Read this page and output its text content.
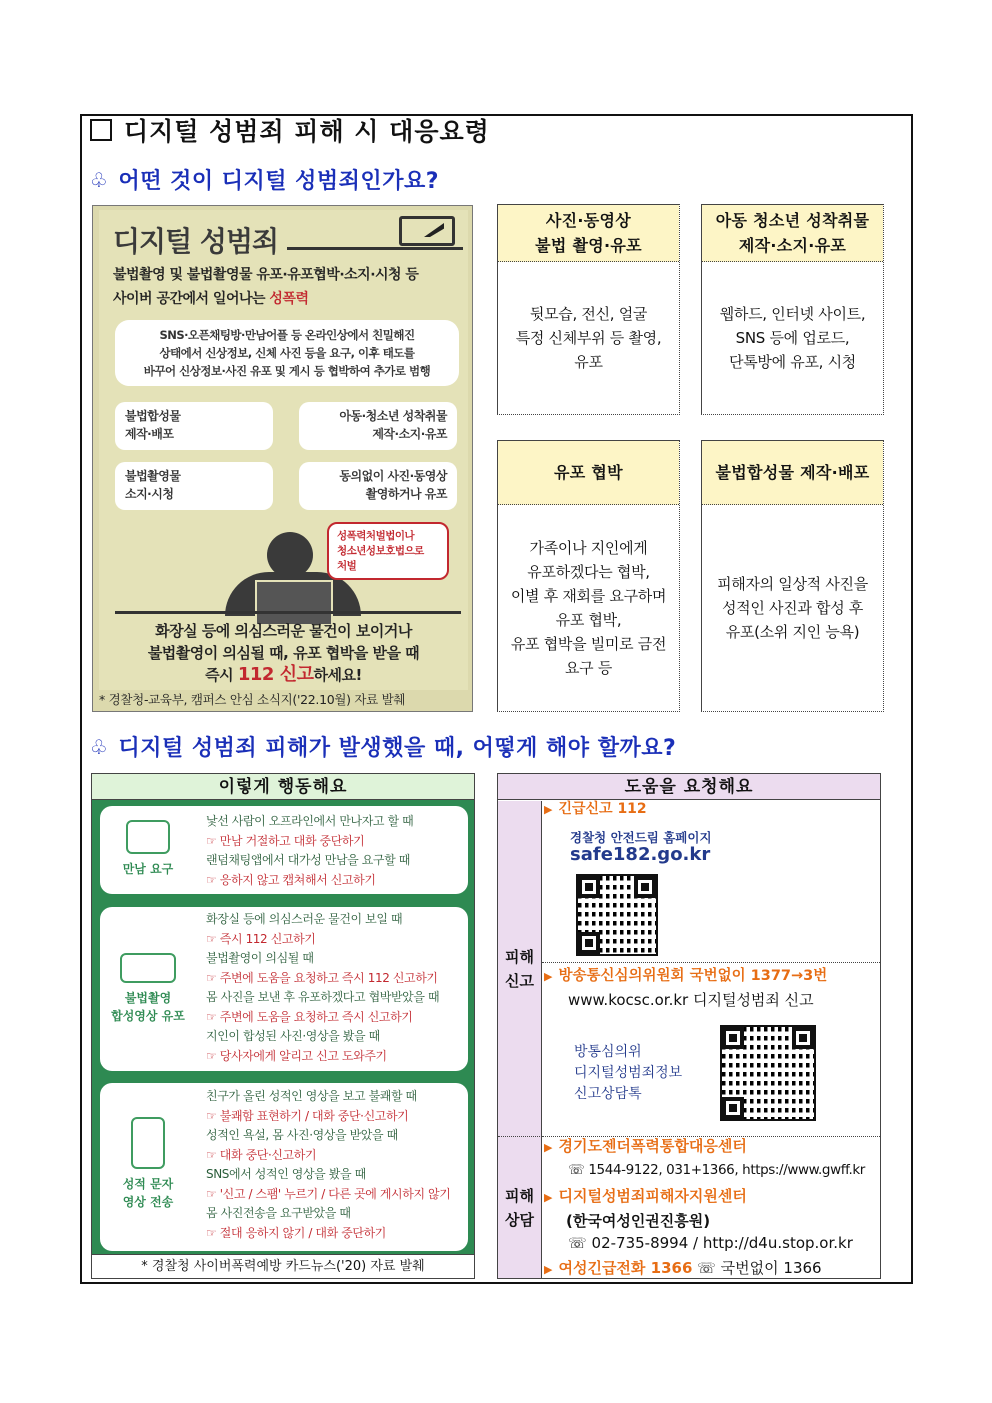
디지털 성범죄 피해 시 대응요령
♧ 어떤 것이 디지털 성범죄인가요?
디지털 성범죄
불법촬영 및 불법촬영물 유포·유포협박·소지·시청 등
사이버 공간에서 일어나는 성폭력
SNS·오픈채팅방·만남어플 등 온라인상에서 친밀해진
상태에서 신상정보, 신체 사진 등을 요구, 이후 태도를
바꾸어 신상정보·사진 유포 및 게시 등 협박하여 추가로 범행
불법합성물
제작·배포
아동·청소년 성착취물
제작·소지·유포
불법촬영물
소지·시청
동의없이 사진·동영상
촬영하거나 유포
성폭력처벌법이나
청소년성보호법으로
처벌
화장실 등에 의심스러운 물건이 보이거나
불법촬영이 의심될 때, 유포 협박을 받을 때
즉시 112 신고하세요!
* 경찰청-교육부, 캠퍼스 안심 소식지('22.10월) 자료 발췌
사진·동영상
불법 촬영·유포
뒷모습, 전신, 얼굴
특정 신체부위 등 촬영,
유포
아동 청소년 성착취물
제작·소지·유포
웹하드, 인터넷 사이트,
SNS 등에 업로드,
단톡방에 유포, 시청
유포 협박
가족이나 지인에게
유포하겠다는 협박,
이별 후 재회를 요구하며
유포 협박,
유포 협박을 빌미로 금전
요구 등
불법합성물 제작·배포
피해자의 일상적 사진을
성적인 사진과 합성 후
유포(소위 지인 능욕)
♧ 디지털 성범죄 피해가 발생했을 때, 어떻게 해야 할까요?
이렇게 행동해요
만남 요구
낯선 사람이 오프라인에서 만나자고 할 때
☞ 만남 거절하고 대화 중단하기
랜덤채팅앱에서 대가성 만남을 요구할 때
☞ 응하지 않고 캡쳐해서 신고하기
불법촬영
합성영상 유포
화장실 등에 의심스러운 물건이 보일 때
☞ 즉시 112 신고하기
불법촬영이 의심될 때
☞ 주변에 도움을 요청하고 즉시 112 신고하기
몸 사진을 보낸 후 유포하겠다고 협박받았을 때
☞ 주변에 도움을 요청하고 즉시 신고하기
지인이 합성된 사진·영상을 봤을 때
☞ 당사자에게 알리고 신고 도와주기
성적 문자
영상 전송
친구가 올린 성적인 영상을 보고 불쾌할 때
☞ 불쾌함 표현하기 / 대화 중단·신고하기
성적인 욕설, 몸 사진·영상을 받았을 때
☞ 대화 중단·신고하기
SNS에서 성적인 영상을 봤을 때
☞ '신고 / 스팸' 누르기 / 다른 곳에 게시하지 않기
몸 사진전송을 요구받았을 때
☞ 절대 응하지 않기 / 대화 중단하기
* 경찰청 사이버폭력예방 카드뉴스('20) 자료 발췌
도움을 요청해요
피해
신고
피해
상담
▶ 긴급신고 112
경찰청 안전드림 홈페이지
safe182.go.kr
▶ 방송통신심의위원회 국번없이 1377→3번
www.kocsc.or.kr 디지털성범죄 신고
방통심의위
디지털성범죄정보
신고상담톡
▶ 경기도젠더폭력통합대응센터
☏ 1544-9122, 031+1366, https://www.gwff.kr
▶ 디지털성범죄피해자지원센터
(한국여성인권진흥원)
☏ 02-735-8994 / http://d4u.stop.or.kr
▶ 여성긴급전화 1366 ☏ 국번없이 1366
